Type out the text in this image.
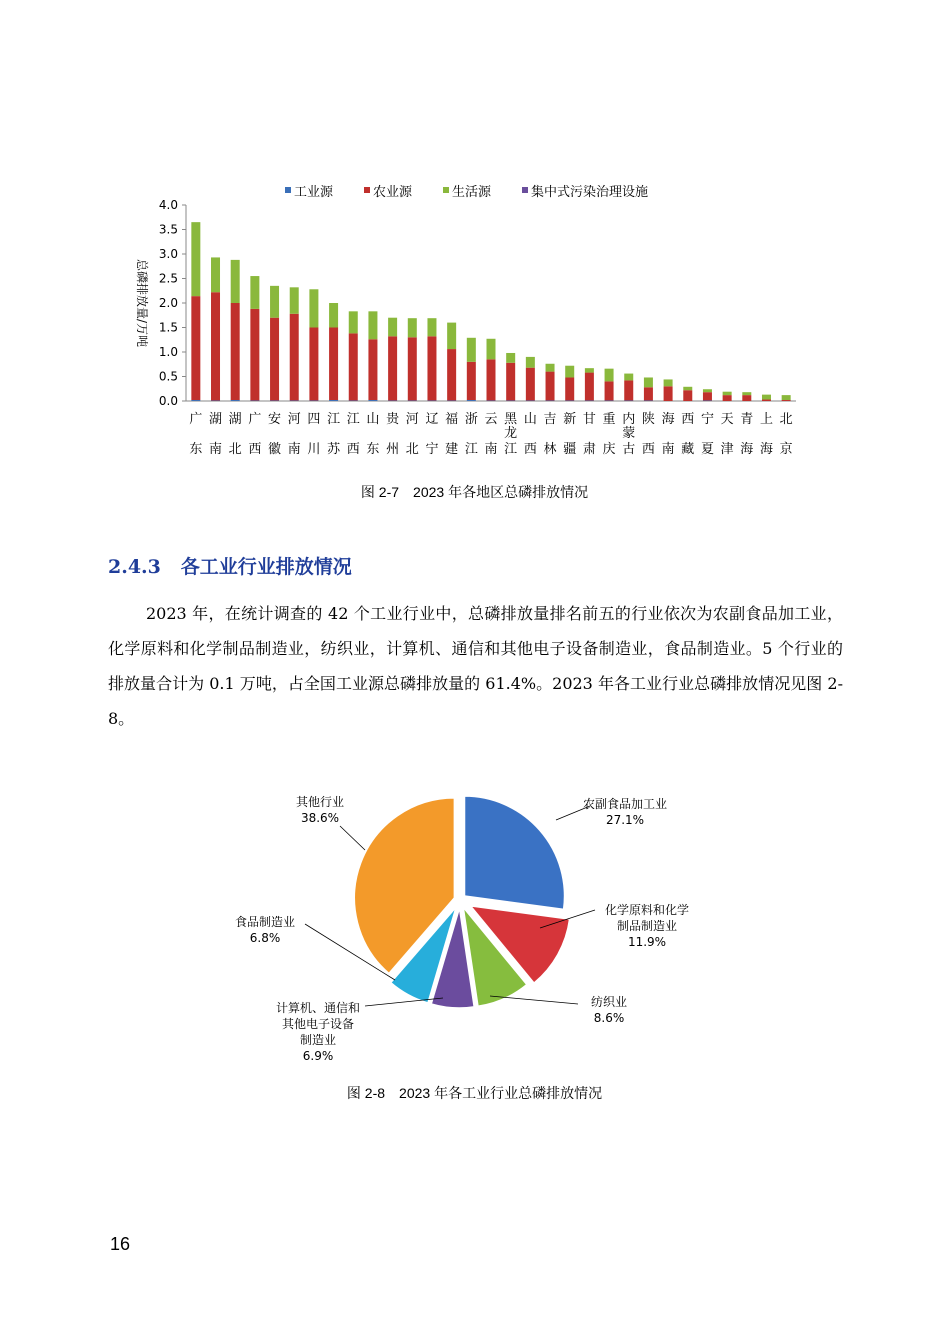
0.0
0.5
1.0
1.5
2.0
2.5
3.0
3.5
4.0
总磷排放量/万吨
广
东
湖
南
湖
北
广
西
安
徽
河
南
四
川
江
苏
江
西
山
东
贵
州
河
北
辽
宁
福
建
浙
江
云
南
黑
龙
江
山
西
吉
林
新
疆
甘
肃
重
庆
内
蒙
古
陕
西
海
南
西
藏
宁
夏
天
津
青
海
上
海
北
京
工业源	农业源	生活源	集中式污染治理设施
图 2-7　2023 年各地区总磷排放情况
2.4.3 各工业行业排放情况
2023 年，在统计调查的 42 个工业行业中，总磷排放量排名前五的行业依次为农副食品加工业，化学原料和化学制品制造业，纺织业，计算机、通信和其他电子设备制造业，食品制造业。5 个行业的排放量合计为 0.1 万吨，占全国工业源总磷排放量的 61.4%。2023 年各工业行业总磷排放情况见图 2-8。
农副食品加工业 27.1%
化学原料和化学制品制造业 11.9%
纺织业 8.6%
计算机、通信和其他电子设备制造业 6.9%
食品制造业 6.8%
其他行业 38.6%
图 2-8　2023 年各工业行业总磷排放情况
16
